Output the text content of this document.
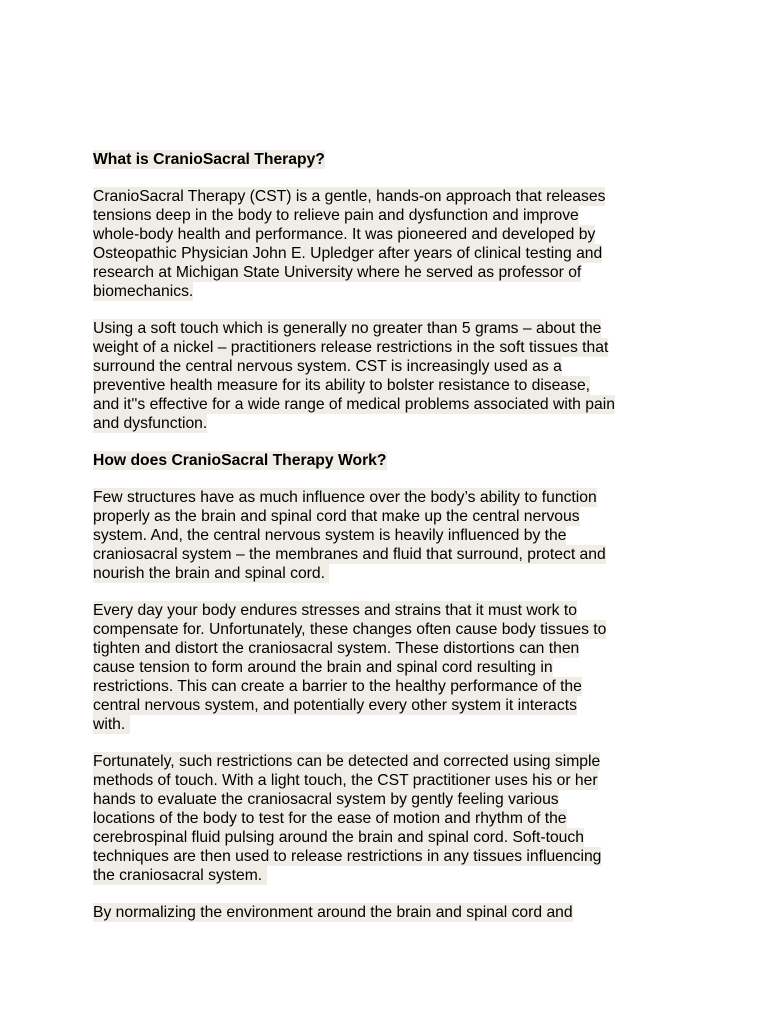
What is CranioSacral Therapy?
CranioSacral Therapy (CST) is a gentle, hands-on approach that releases
tensions deep in the body to relieve pain and dysfunction and improve
whole-body health and performance. It was pioneered and developed by
Osteopathic Physician John E. Upledger after years of clinical testing and
research at Michigan State University where he served as professor of
biomechanics.
Using a soft touch which is generally no greater than 5 grams – about the
weight of a nickel – practitioners release restrictions in the soft tissues that
surround the central nervous system. CST is increasingly used as a
preventive health measure for its ability to bolster resistance to disease,
and it''s effective for a wide range of medical problems associated with pain
and dysfunction.
How does CranioSacral Therapy Work?
Few structures have as much influence over the body’s ability to function
properly as the brain and spinal cord that make up the central nervous
system. And, the central nervous system is heavily influenced by the
craniosacral system – the membranes and fluid that surround, protect and
nourish the brain and spinal cord.
Every day your body endures stresses and strains that it must work to
compensate for. Unfortunately, these changes often cause body tissues to
tighten and distort the craniosacral system. These distortions can then
cause tension to form around the brain and spinal cord resulting in
restrictions. This can create a barrier to the healthy performance of the
central nervous system, and potentially every other system it interacts
with.
Fortunately, such restrictions can be detected and corrected using simple
methods of touch. With a light touch, the CST practitioner uses his or her
hands to evaluate the craniosacral system by gently feeling various
locations of the body to test for the ease of motion and rhythm of the
cerebrospinal fluid pulsing around the brain and spinal cord. Soft-touch
techniques are then used to release restrictions in any tissues influencing
the craniosacral system.
By normalizing the environment around the brain and spinal cord and
